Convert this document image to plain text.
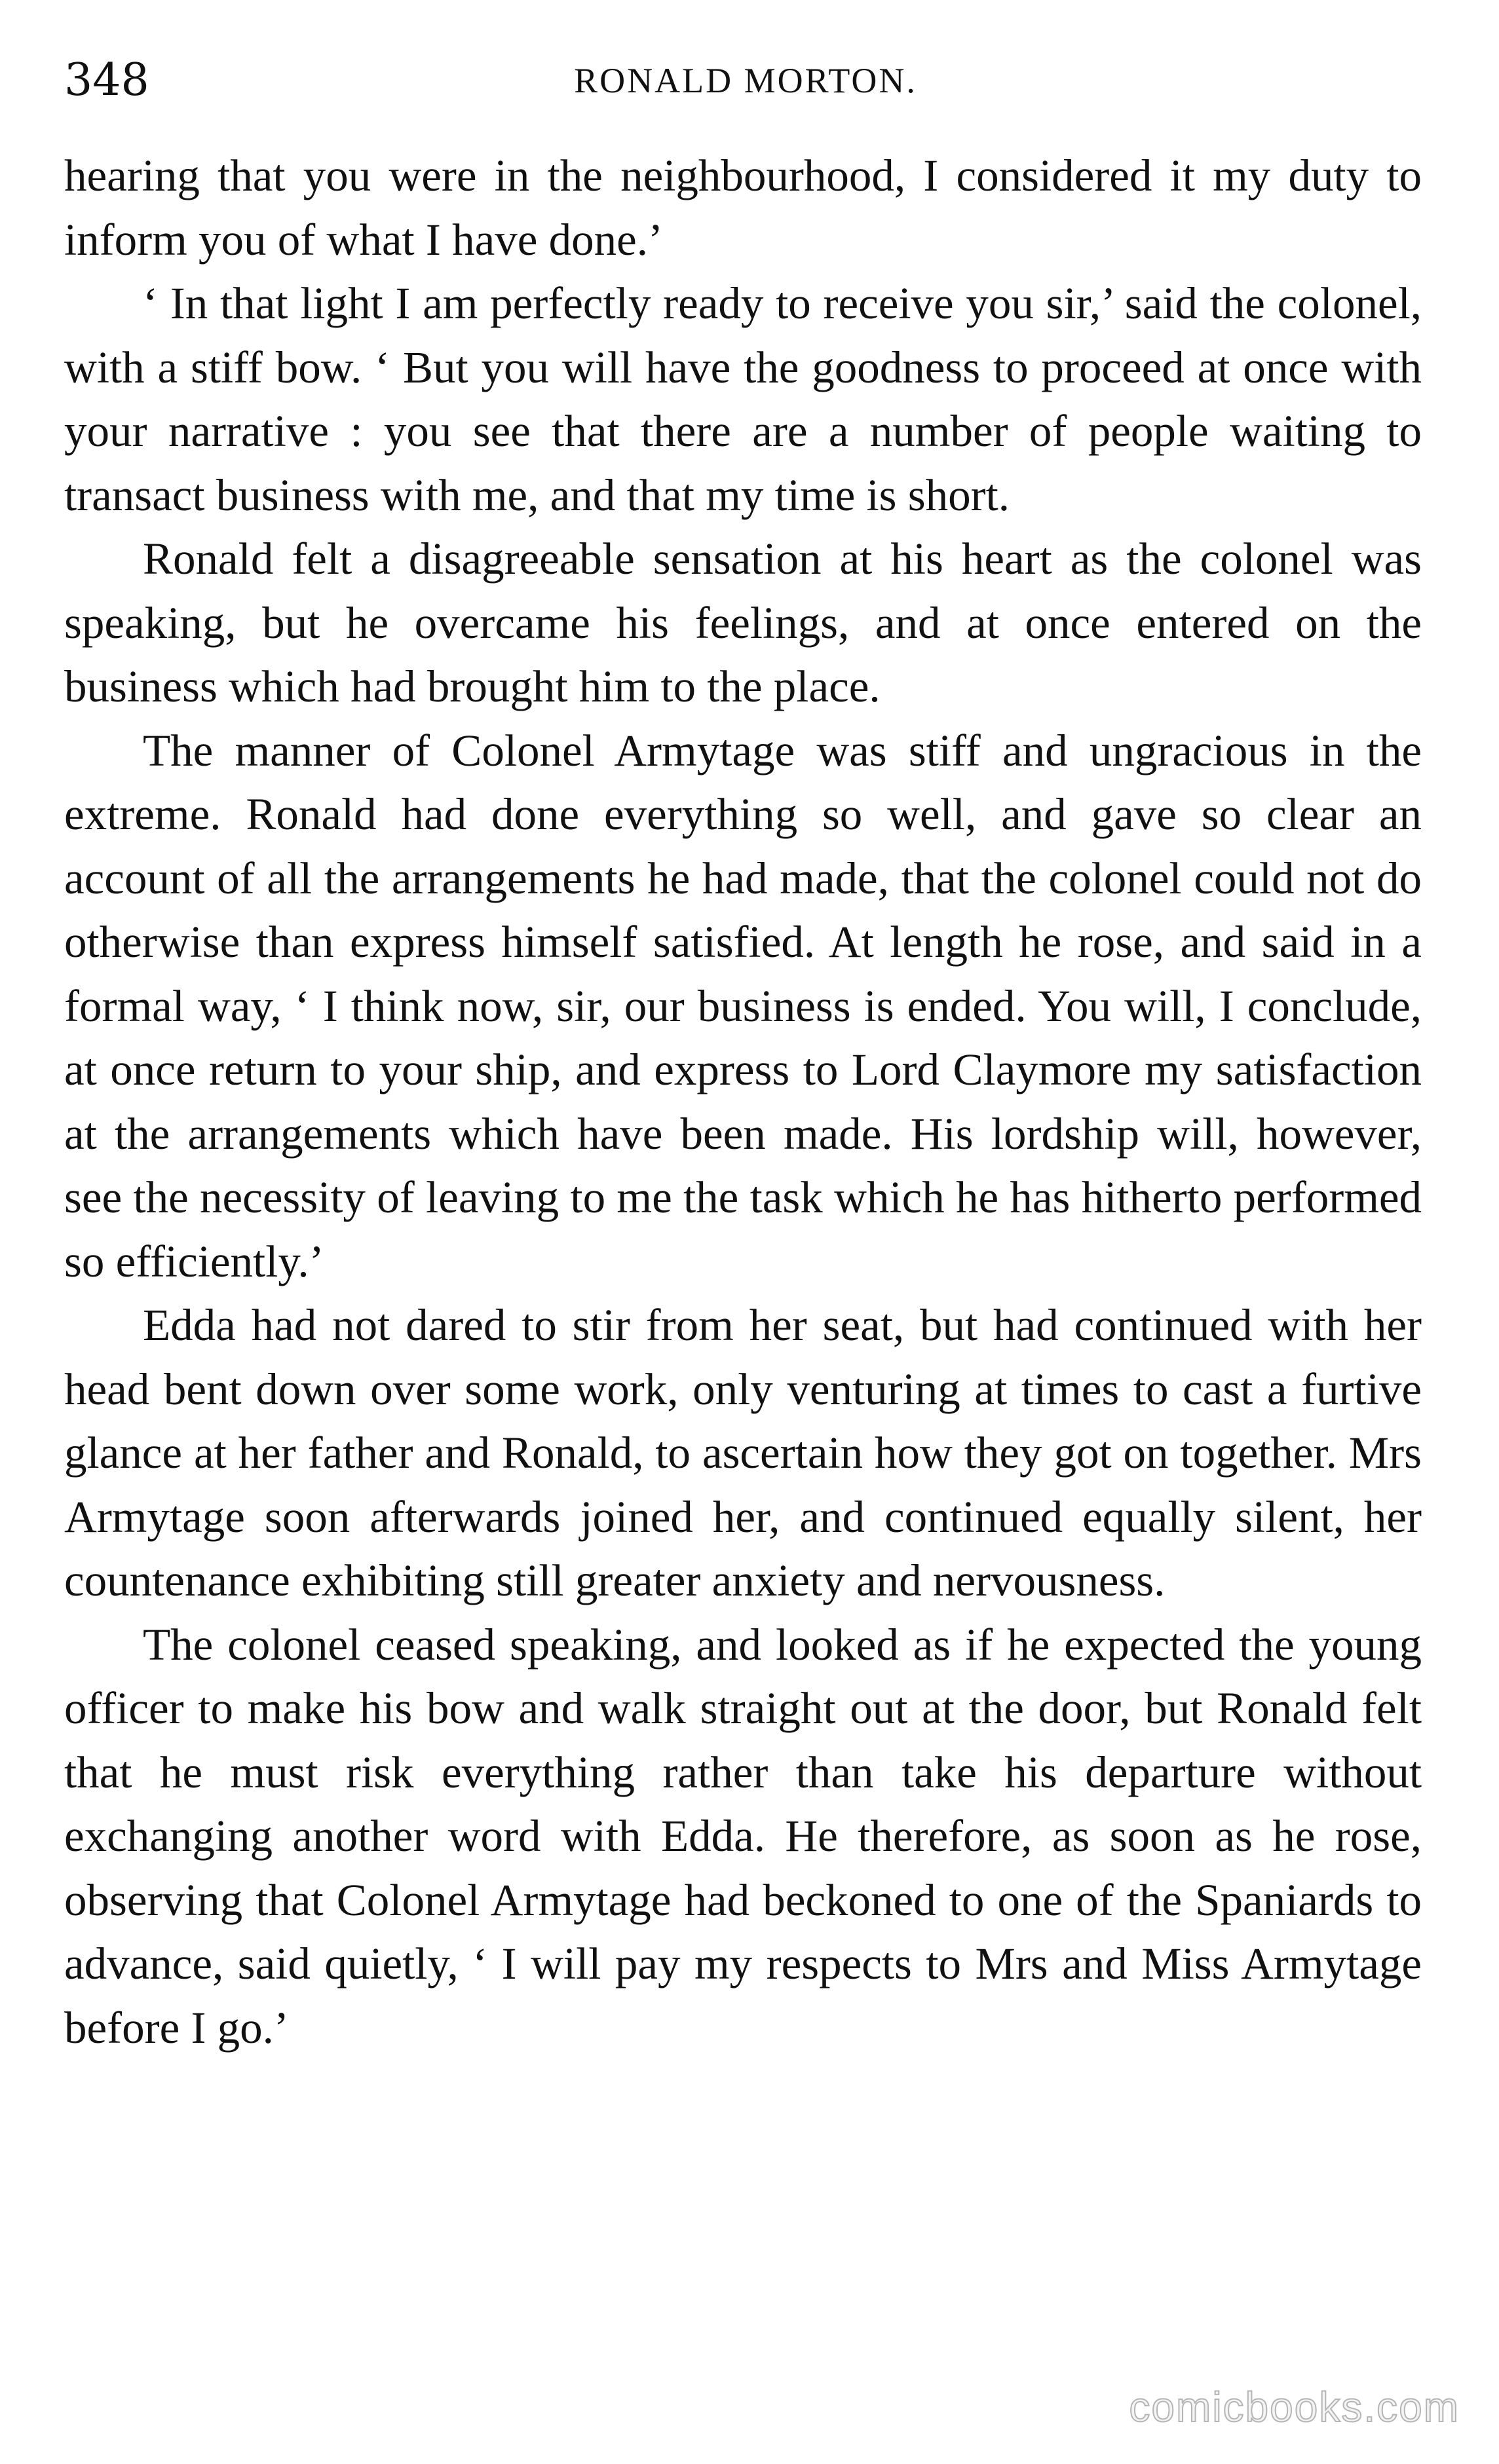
348	RONALD MORTON.

hearing that you were in the neighbourhood, I considered it my duty to inform you of what I have done.’

‘ In that light I am perfectly ready to receive you sir,’ said the colonel, with a stiff bow. ‘ But you will have the goodness to proceed at once with your narrative : you see that there are a number of people waiting to transact business with me, and that my time is short.

Ronald felt a disagreeable sensation at his heart as the colonel was speaking, but he overcame his feelings, and at once entered on the business which had brought him to the place.

The manner of Colonel Armytage was stiff and ungracious in the extreme. Ronald had done everything so well, and gave so clear an account of all the arrangements he had made, that the colonel could not do otherwise than express himself satisfied. At length he rose, and said in a formal way, ‘ I think now, sir, our business is ended. You will, I conclude, at once return to your ship, and express to Lord Claymore my satisfaction at the arrangements which have been made. His lordship will, however, see the necessity of leaving to me the task which he has hitherto performed so efficiently.’

Edda had not dared to stir from her seat, but had continued with her head bent down over some work, only venturing at times to cast a furtive glance at her father and Ronald, to ascertain how they got on together. Mrs Armytage soon afterwards joined her, and continued equally silent, her countenance exhibiting still greater anxiety and nervousness.

The colonel ceased speaking, and looked as if he expected the young officer to make his bow and walk straight out at the door, but Ronald felt that he must risk everything rather than take his departure without exchanging another word with Edda. He therefore, as soon as he rose, observing that Colonel Armytage had beckoned to one of the Spaniards to advance, said quietly, ‘ I will pay my respects to Mrs and Miss Armytage before I go.’

comicbooks.com
